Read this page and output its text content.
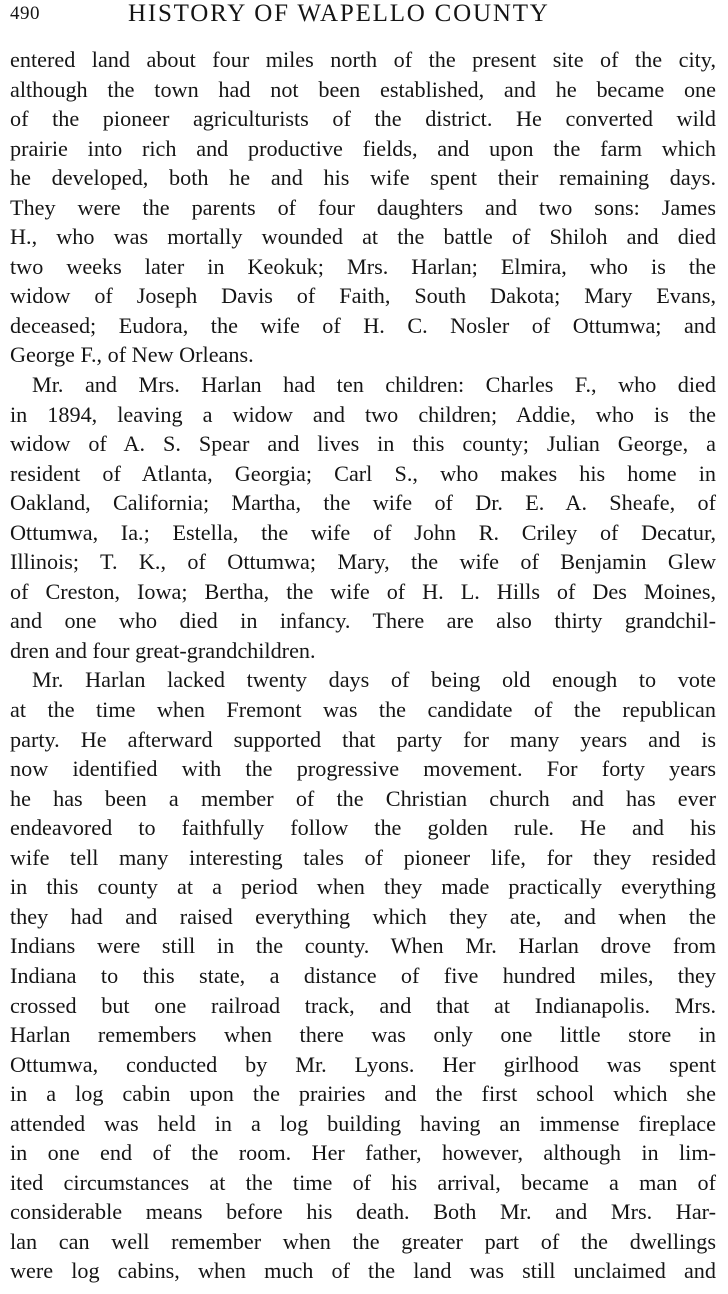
490	HISTORY OF WAPELLO COUNTY
entered land about four miles north of the present site of the city,
although the town had not been established, and he became one
of the pioneer agriculturists of the district. He converted wild
prairie into rich and productive fields, and upon the farm which
he developed, both he and his wife spent their remaining days.
They were the parents of four daughters and two sons: James
H., who was mortally wounded at the battle of Shiloh and died
two weeks later in Keokuk; Mrs. Harlan; Elmira, who is the
widow of Joseph Davis of Faith, South Dakota; Mary Evans,
deceased; Eudora, the wife of H. C. Nosler of Ottumwa; and
George F., of New Orleans.
Mr. and Mrs. Harlan had ten children: Charles F., who died
in 1894, leaving a widow and two children; Addie, who is the
widow of A. S. Spear and lives in this county; Julian George, a
resident of Atlanta, Georgia; Carl S., who makes his home in
Oakland, California; Martha, the wife of Dr. E. A. Sheafe, of
Ottumwa, Ia.; Estella, the wife of John R. Criley of Decatur,
Illinois; T. K., of Ottumwa; Mary, the wife of Benjamin Glew
of Creston, Iowa; Bertha, the wife of H. L. Hills of Des Moines,
and one who died in infancy. There are also thirty grandchil-
dren and four great-grandchildren.
Mr. Harlan lacked twenty days of being old enough to vote
at the time when Fremont was the candidate of the republican
party. He afterward supported that party for many years and is
now identified with the progressive movement. For forty years
he has been a member of the Christian church and has ever
endeavored to faithfully follow the golden rule. He and his
wife tell many interesting tales of pioneer life, for they resided
in this county at a period when they made practically everything
they had and raised everything which they ate, and when the
Indians were still in the county. When Mr. Harlan drove from
Indiana to this state, a distance of five hundred miles, they
crossed but one railroad track, and that at Indianapolis. Mrs.
Harlan remembers when there was only one little store in
Ottumwa, conducted by Mr. Lyons. Her girlhood was spent
in a log cabin upon the prairies and the first school which she
attended was held in a log building having an immense fireplace
in one end of the room. Her father, however, although in lim-
ited circumstances at the time of his arrival, became a man of
considerable means before his death. Both Mr. and Mrs. Har-
lan can well remember when the greater part of the dwellings
were log cabins, when much of the land was still unclaimed and
